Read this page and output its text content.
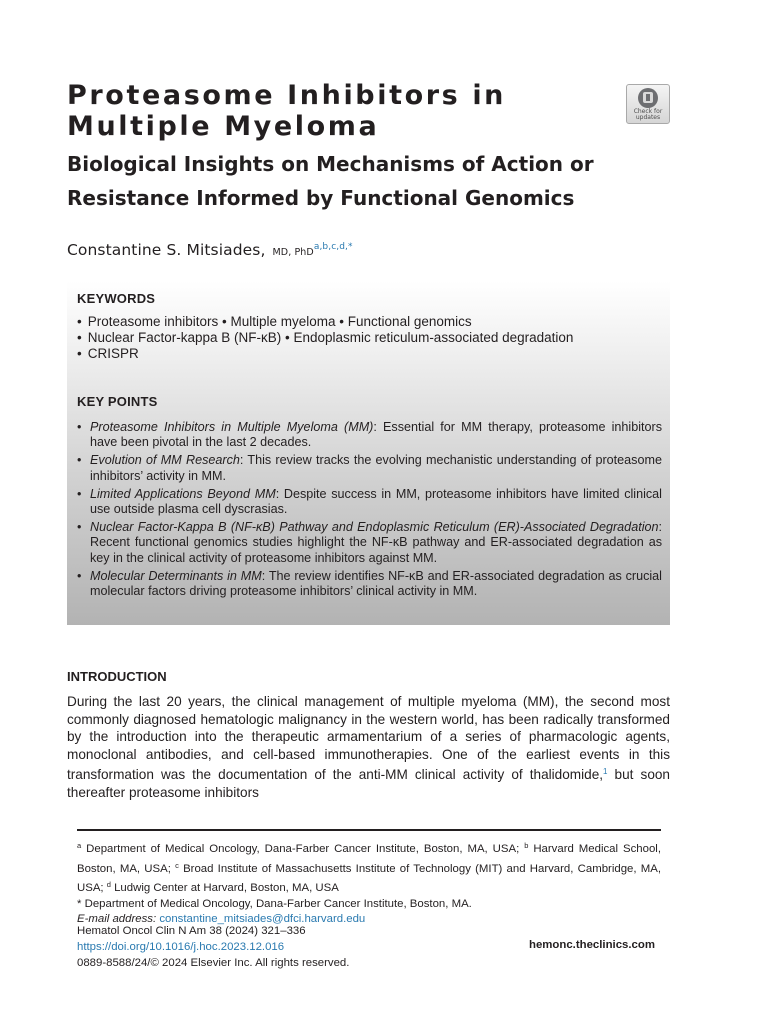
Proteasome Inhibitors in
Multiple Myeloma	Check for
updates
Biological Insights on Mechanisms of Action or
Resistance Informed by Functional Genomics
Constantine S. Mitsiades, MD, PhD$^{a,b,c,d,*}$
KEYWORDS
• Proteasome inhibitors • Multiple myeloma • Functional genomics
• Nuclear Factor-kappa B (NF-κB) • Endoplasmic reticulum-associated degradation
• CRISPR
KEY POINTS
• Proteasome Inhibitors in Multiple Myeloma (MM): Essential for MM therapy, proteasome inhibitors have been pivotal in the last 2 decades.
• Evolution of MM Research: This review tracks the evolving mechanistic understanding of proteasome inhibitors’ activity in MM.
• Limited Applications Beyond MM: Despite success in MM, proteasome inhibitors have limited clinical use outside plasma cell dyscrasias.
• Nuclear Factor-Kappa B (NF-κB) Pathway and Endoplasmic Reticulum (ER)-Associated Degradation: Recent functional genomics studies highlight the NF-κB pathway and ER-associated degradation as key in the clinical activity of proteasome inhibitors against MM.
• Molecular Determinants in MM: The review identifies NF-κB and ER-associated degradation as crucial molecular factors driving proteasome inhibitors’ clinical activity in MM.
INTRODUCTION
During the last 20 years, the clinical management of multiple myeloma (MM), the second most commonly diagnosed hematologic malignancy in the western world, has been radically transformed by the introduction into the therapeutic armamentarium of a series of pharmacologic agents, monoclonal antibodies, and cell-based immunotherapies. One of the earliest events in this transformation was the documentation of the anti-MM clinical activity of thalidomide,$^1$ but soon thereafter proteasome inhibitors
$^a$ Department of Medical Oncology, Dana-Farber Cancer Institute, Boston, MA, USA; $^b$ Harvard Medical School, Boston, MA, USA; $^c$ Broad Institute of Massachusetts Institute of Technology (MIT) and Harvard, Cambridge, MA, USA; $^d$ Ludwig Center at Harvard, Boston, MA, USA
* Department of Medical Oncology, Dana-Farber Cancer Institute, Boston, MA.
E-mail address: constantine_mitsiades@dfci.harvard.edu
Hematol Oncol Clin N Am 38 (2024) 321–336
https://doi.org/10.1016/j.hoc.2023.12.016
0889-8588/24/© 2024 Elsevier Inc. All rights reserved.
hemonc.theclinics.com
